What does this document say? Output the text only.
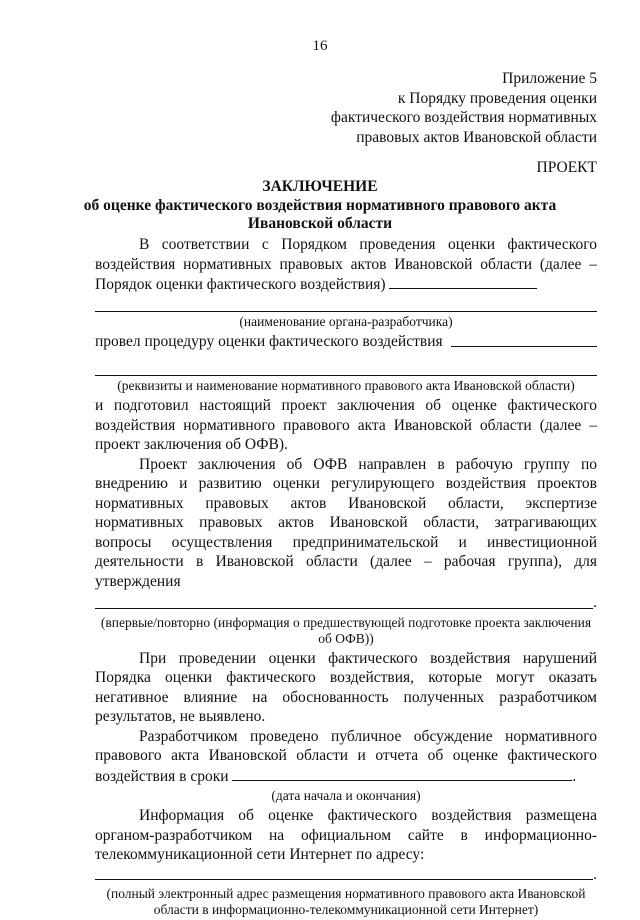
16
Приложение 5
к Порядку проведения оценки
фактического воздействия нормативных
правовых актов Ивановской области
ПРОЕКТ
ЗАКЛЮЧЕНИЕ
об оценке фактического воздействия нормативного правового акта
Ивановской области

В соответствии с Порядком проведения оценки фактического воздействия нормативных правовых актов Ивановской области (далее – Порядок оценки фактического воздействия)

(наименование органа-разработчика)
провел процедуру оценки фактического воздействия
(реквизиты и наименование нормативного правового акта Ивановской области)

и подготовил настоящий проект заключения об оценке фактического воздействия нормативного правового акта Ивановской области (далее – проект заключения об ОФВ).

Проект заключения об ОФВ направлен в рабочую группу по внедрению и развитию оценки регулирующего воздействия проектов нормативных правовых актов Ивановской области, экспертизе нормативных правовых актов Ивановской области, затрагивающих вопросы осуществления предпринимательской и инвестиционной деятельности в Ивановской области (далее – рабочая группа), для утверждения

.
(впервые/повторно (информация о предшествующей подготовке проекта заключения об ОФВ))

При проведении оценки фактического воздействия нарушений Порядка оценки фактического воздействия, которые могут оказать негативное влияние на обоснованность полученных разработчиком результатов, не выявлено.

Разработчиком проведено публичное обсуждение нормативного правового акта Ивановской области и отчета об оценке фактического воздействия в сроки	.

(дата начала и окончания)

Информация об оценке фактического воздействия размещена органом-разработчиком на официальном сайте в информационно-телекоммуникационной сети Интернет по адресу:

.
(полный электронный адрес размещения нормативного правового акта Ивановской области в информационно-телекоммуникационной сети Интернет)
